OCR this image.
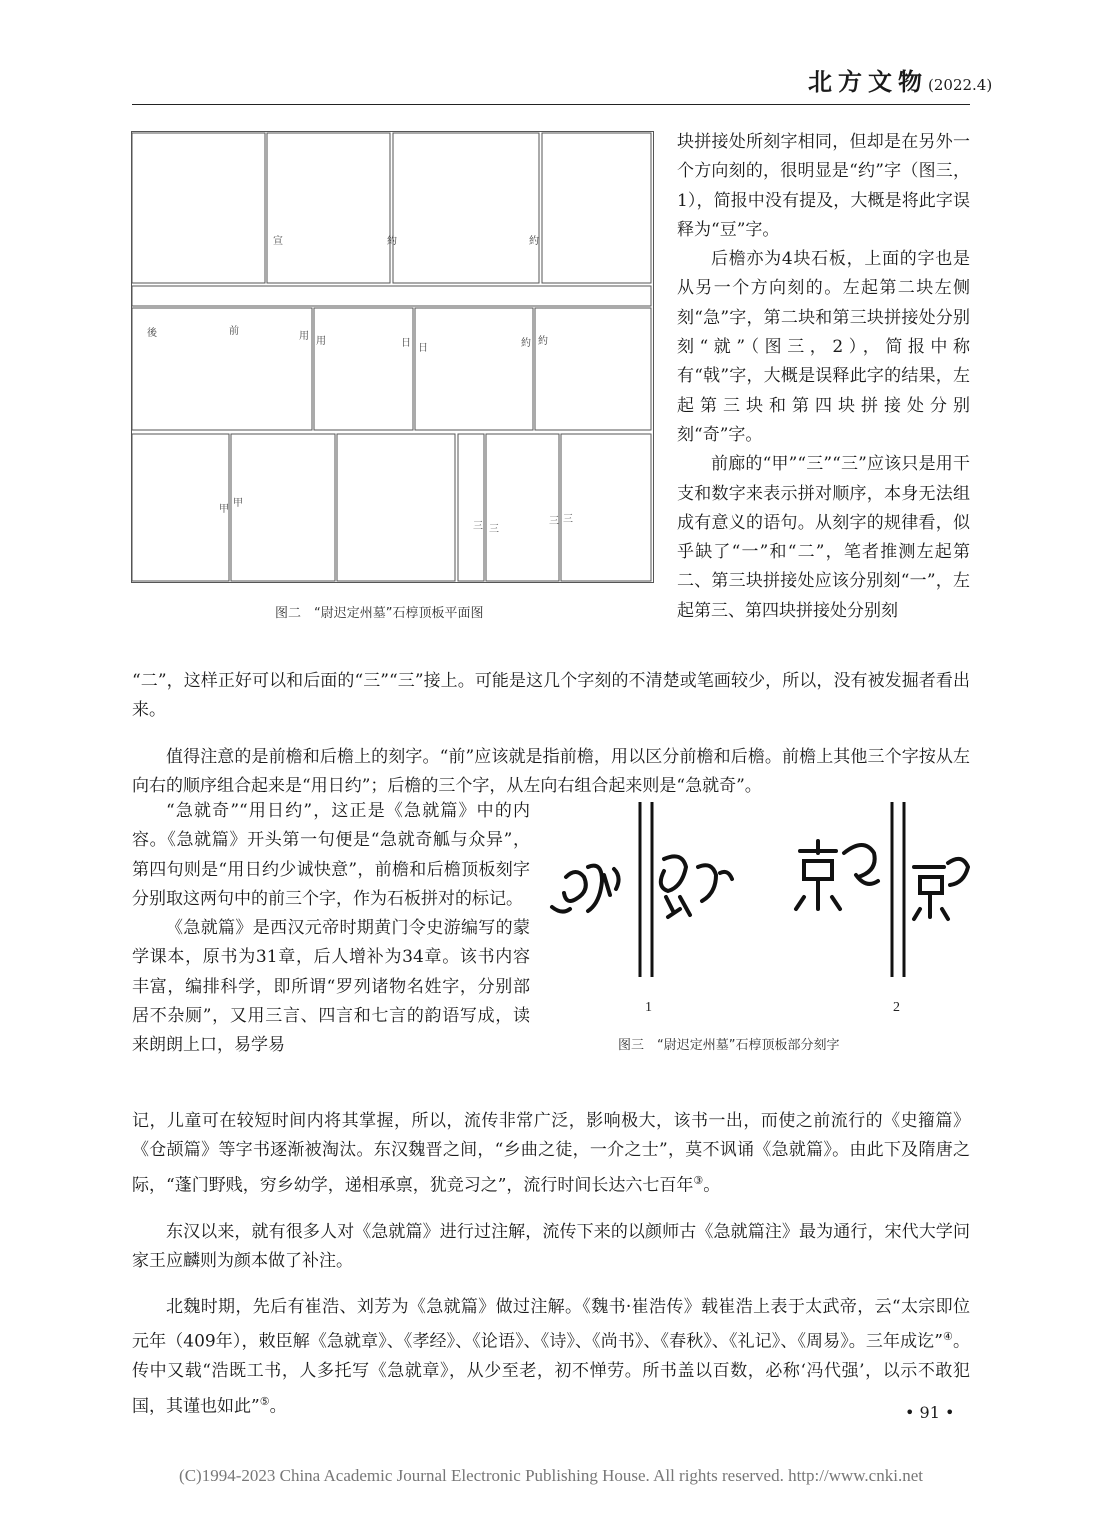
北方文物(2022.4)
宣	約	約
後	前	用 用	日 日	約 約
甲
甲
三 三
三 三
图二　“尉迟定州墓”石椁顶板平面图

块拼接处所刻字相同，但却是在另外一个方向刻的，很明显是“约”字（图三，1），简报中没有提及，大概是将此字误释为“豆”字。

后檐亦为4块石板，上面的字也是从另一个方向刻的。左起第二块左侧刻“急”字，第二块和第三块拼接处分别刻“就”（图三，2），简报中称有“戟”字，大概是误释此字的结果，左起第三块和第四块拼接处分别刻“奇”字。

前廊的“甲”“三”“三”应该只是用干支和数字来表示拼对顺序，本身无法组成有意义的语句。从刻字的规律看，似乎缺了“一”和“二”，笔者推测左起第二、第三块拼接处应该分别刻“一”，左起第三、第四块拼接处分别刻

“二”，这样正好可以和后面的“三”“三”接上。可能是这几个字刻的不清楚或笔画较少，所以，没有被发掘者看出来。

值得注意的是前檐和后檐上的刻字。“前”应该就是指前檐，用以区分前檐和后檐。前檐上其他三个字按从左向右的顺序组合起来是“用日约”；后檐的三个字，从左向右组合起来则是“急就奇”。

“急就奇”“用日约”，这正是《急就篇》中的内容。《急就篇》开头第一句便是“急就奇觚与众异”，第四句则是“用日约少诚快意”，前檐和后檐顶板刻字分别取这两句中的前三个字，作为石板拼对的标记。

《急就篇》是西汉元帝时期黄门令史游编写的蒙学课本，原书为31章，后人增补为34章。该书内容丰富，编排科学，即所谓“罗列诸物名姓字，分别部居不杂厕”，又用三言、四言和七言的韵语写成，读来朗朗上口，易学易

1	2
图三　“尉迟定州墓”石椁顶板部分刻字

记，儿童可在较短时间内将其掌握，所以，流传非常广泛，影响极大，该书一出，而使之前流行的《史籀篇》《仓颉篇》等字书逐渐被淘汰。东汉魏晋之间，“乡曲之徒，一介之士”，莫不讽诵《急就篇》。由此下及隋唐之际，“蓬门野贱，穷乡幼学，递相承禀，犹竞习之”，流行时间长达六七百年③。

东汉以来，就有很多人对《急就篇》进行过注解，流传下来的以颜师古《急就篇注》最为通行，宋代大学问家王应麟则为颜本做了补注。

北魏时期，先后有崔浩、刘芳为《急就篇》做过注解。《魏书·崔浩传》载崔浩上表于太武帝，云“太宗即位元年（409年），敕臣解《急就章》、《孝经》、《论语》、《诗》、《尚书》、《春秋》、《礼记》、《周易》。三年成讫”④。传中又载“浩既工书，人多托写《急就章》，从少至老，初不惮劳。所书盖以百数，必称‘冯代强’，以示不敢犯国，其谨也如此”⑤。	• 91 •
(C)1994-2023 China Academic Journal Electronic Publishing House. All rights reserved. http://www.cnki.net
